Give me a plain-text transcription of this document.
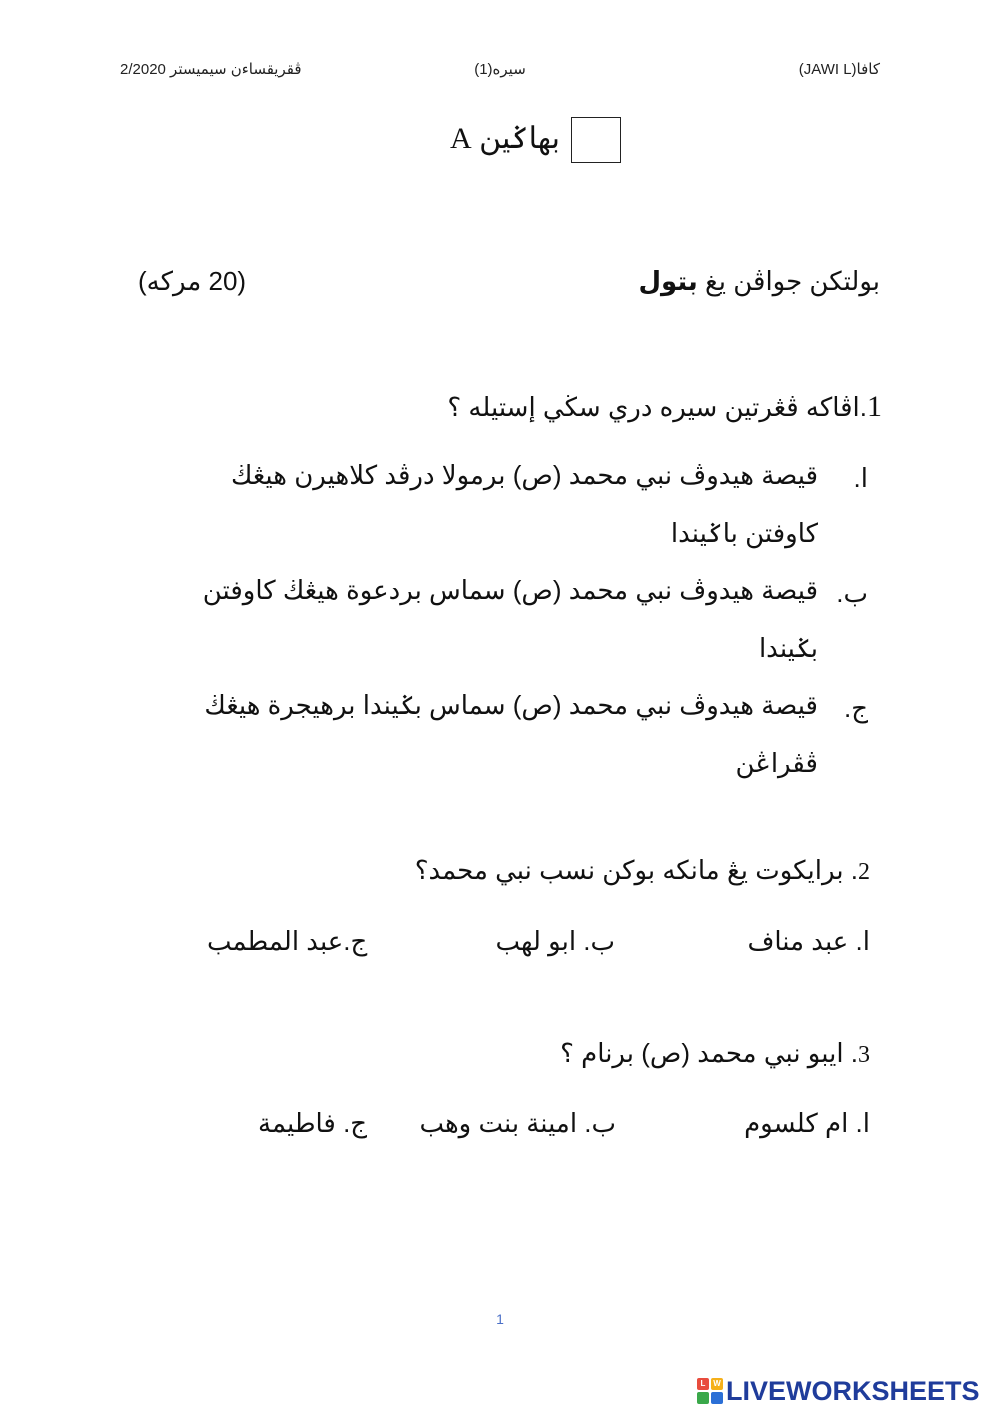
كافا(JAWI L)
سيره(1)
ڤقريقساءن سيميستر 2/2020
بهاݢين A
بولتكن جواڤن يغ بتول
(20 مركه)
1.اڤاكه ڤڠرتين سيره دري سڬي إستيله ؟
ا.
قيصة هيدوڤ نبي محمد (ص) برمولا درڤد كلاهيرن هيڠڬ
كاوفتن باݢيندا
ب.
قيصة هيدوڤ نبي محمد (ص) سماس بردعوة هيڠڬ كاوفتن
بݢيندا
ج.
قيصة هيدوڤ نبي محمد (ص) سماس بݢيندا برهيجرة هيڠڬ
ڤڤراڠن
2. برايكوت يڠ مانكه بوكن نسب نبي محمد؟
ا. عبد مناف
ب. ابو لهب
ج.عبد المطمب
3. ايبو نبي محمد (ص) برنام ؟
ا. ام كلسوم
ب. امينة بنت وهب
ج. فاطيمة
1
L W LIVEWORKSHEETS
